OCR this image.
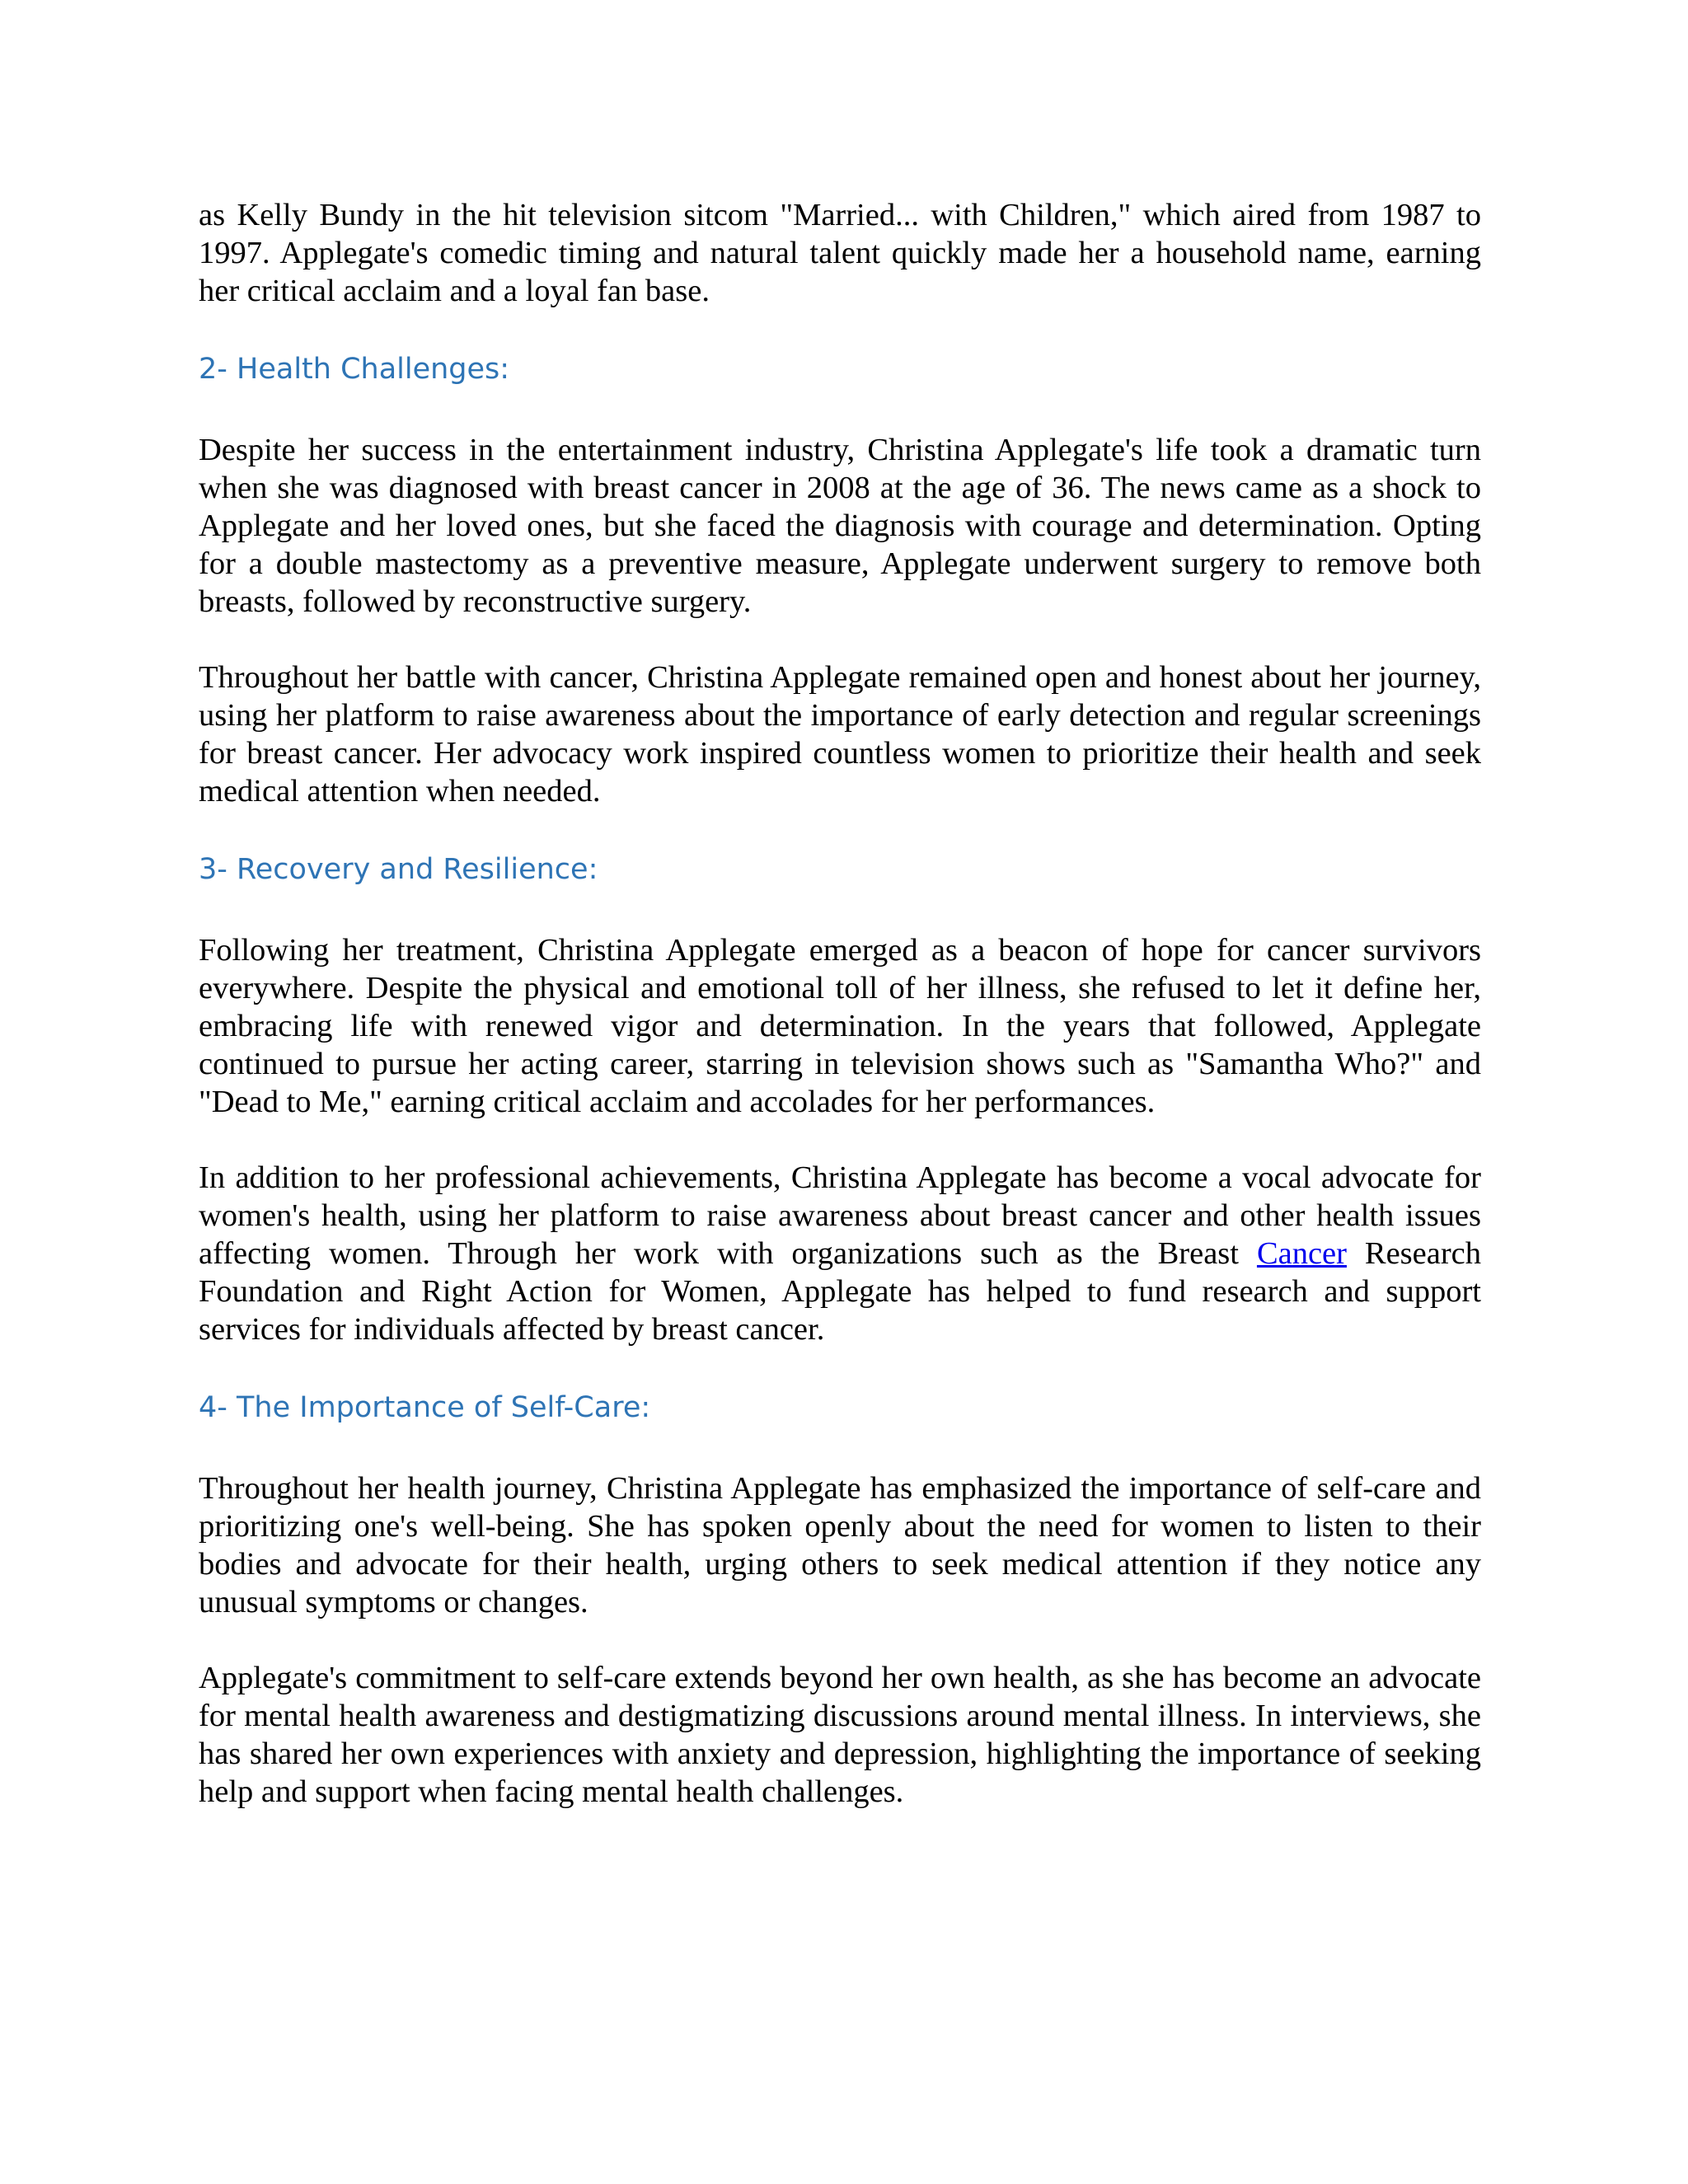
as Kelly Bundy in the hit television sitcom "Married... with Children," which aired from 1987 to 1997. Applegate's comedic timing and natural talent quickly made her a household name, earning her critical acclaim and a loyal fan base.

2- Health Challenges:

Despite her success in the entertainment industry, Christina Applegate's life took a dramatic turn when she was diagnosed with breast cancer in 2008 at the age of 36. The news came as a shock to Applegate and her loved ones, but she faced the diagnosis with courage and determination. Opting for a double mastectomy as a preventive measure, Applegate underwent surgery to remove both breasts, followed by reconstructive surgery.

Throughout her battle with cancer, Christina Applegate remained open and honest about her journey, using her platform to raise awareness about the importance of early detection and regular screenings for breast cancer. Her advocacy work inspired countless women to prioritize their health and seek medical attention when needed.

3- Recovery and Resilience:

Following her treatment, Christina Applegate emerged as a beacon of hope for cancer survivors everywhere. Despite the physical and emotional toll of her illness, she refused to let it define her, embracing life with renewed vigor and determination. In the years that followed, Applegate continued to pursue her acting career, starring in television shows such as "Samantha Who?" and "Dead to Me," earning critical acclaim and accolades for her performances.

In addition to her professional achievements, Christina Applegate has become a vocal advocate for women's health, using her platform to raise awareness about breast cancer and other health issues affecting women. Through her work with organizations such as the Breast Cancer Research Foundation and Right Action for Women, Applegate has helped to fund research and support services for individuals affected by breast cancer.

4- The Importance of Self-Care:

Throughout her health journey, Christina Applegate has emphasized the importance of self-care and prioritizing one's well-being. She has spoken openly about the need for women to listen to their bodies and advocate for their health, urging others to seek medical attention if they notice any unusual symptoms or changes.

Applegate's commitment to self-care extends beyond her own health, as she has become an advocate for mental health awareness and destigmatizing discussions around mental illness. In interviews, she has shared her own experiences with anxiety and depression, highlighting the importance of seeking help and support when facing mental health challenges.
